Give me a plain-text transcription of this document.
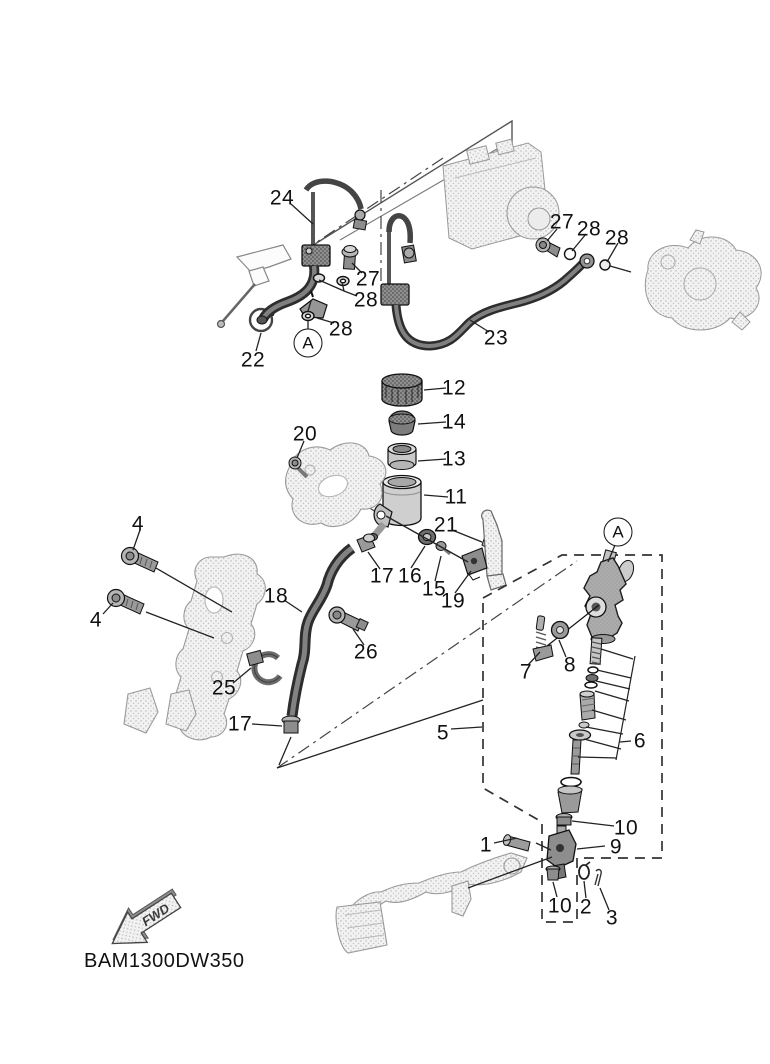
FWD
24
27
28
28
22
23
27 28 28
12
14
13
11
20
4
4
21
17 16
15
19
18
26
25
17
7 8
5	6
10
9
1
10 2 3
A
A
BAM1300DW350
